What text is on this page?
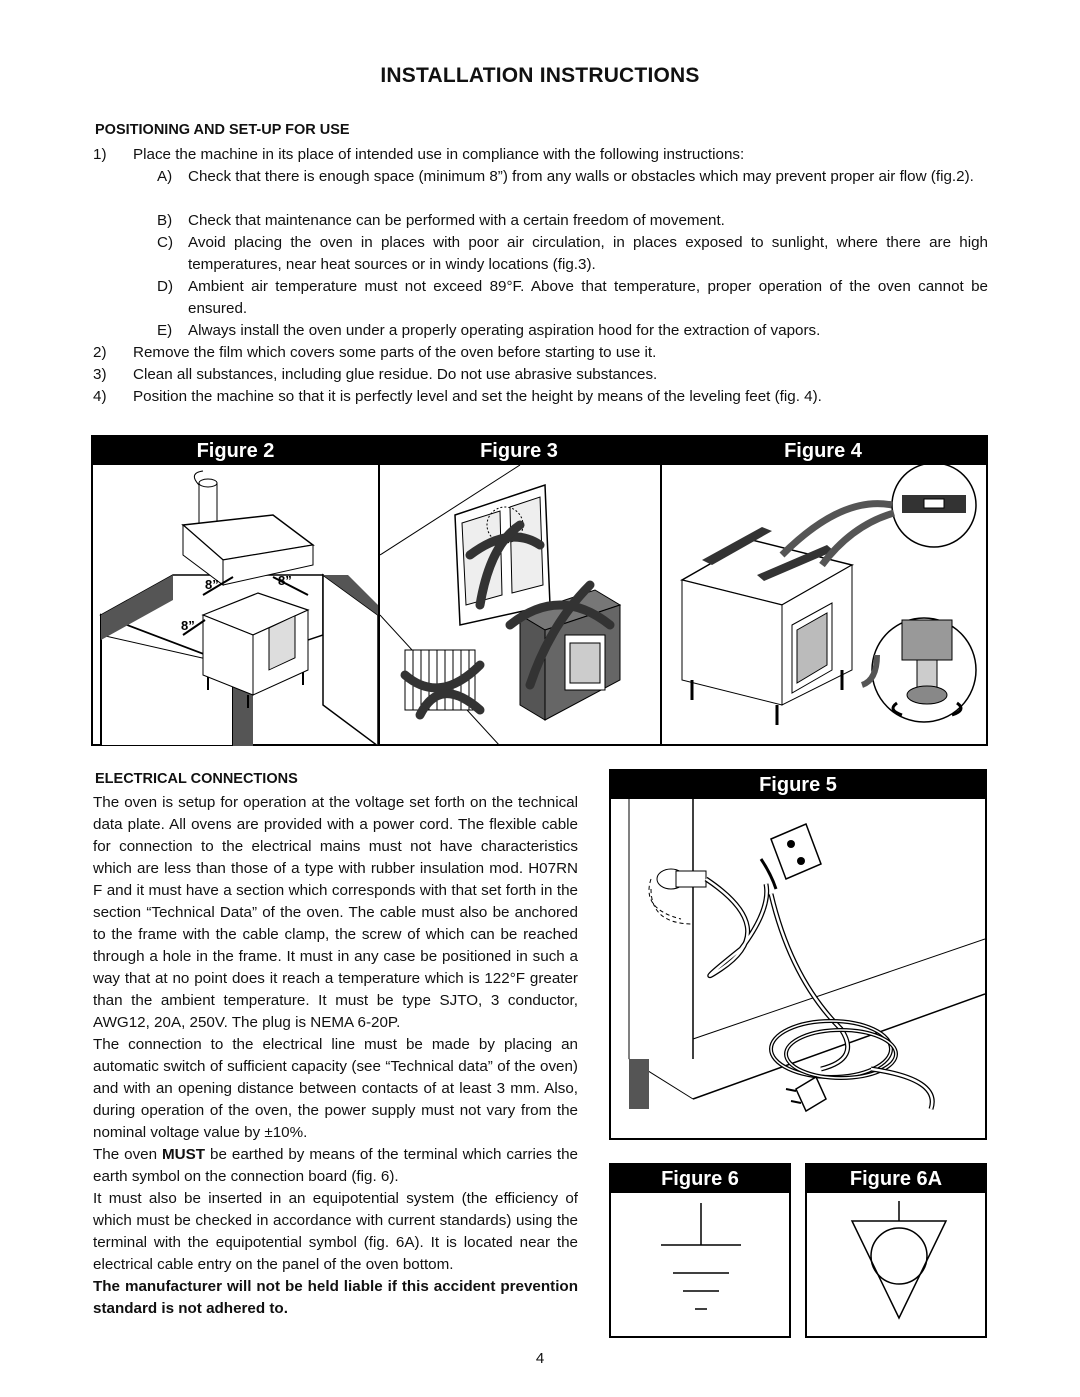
INSTALLATION INSTRUCTIONS
POSITIONING AND SET-UP FOR USE
1)	Place the machine in its place of intended use in compliance with the following instructions:
A)	Check that there is enough space (minimum 8”) from any walls or obstacles which may prevent proper air flow (fig.2).
B)	Check that maintenance can be performed with a certain freedom of movement.
C) Avoid placing the oven in places with poor air circulation, in places exposed to sunlight, where there are high temperatures, near heat sources or in windy locations (fig.3).
D) Ambient air temperature must not exceed 89°F. Above that temperature, proper operation of the oven cannot be ensured.
E)	Always install the oven under a properly operating aspiration hood for the extraction of vapors.
2)	Remove the film which covers some parts of the oven before starting to use it.
3)	Clean all substances, including glue residue. Do not use abrasive substances.
4)	Position the machine so that it is perfectly level and set the height by means of the leveling feet (fig. 4).
Figure 2	Figure 3	Figure 4
8”	8”
8”
ELECTRICAL CONNECTIONS
The oven is setup for operation at the voltage set forth on the technical data plate. All ovens are provided with a power cord. The flexible cable for connection to the electrical mains must not have characteristics which are less than those of a type with rubber insulation mod. H07RN F and it must have a section which corresponds with that set forth in the section “Technical Data” of the oven. The cable must also be anchored to the frame with the cable clamp, the screw of which can be reached through a hole in the frame. It must in any case be positioned in such a way that at no point does it reach a temperature which is 122°F greater than the ambient temperature. It must be type SJTO, 3 conductor, AWG12, 20A, 250V. The plug is NEMA 6-20P.
The connection to the electrical line must be made by placing an automatic switch of sufficient capacity (see “Technical data” of the oven) and with an opening distance between contacts of at least 3 mm. Also, during operation of the oven, the power supply must not vary from the nominal voltage value by ±10%.
The oven MUST be earthed by means of the terminal which carries the earth symbol on the connection board (fig. 6).
It must also be inserted in an equipotential system (the efficiency of which must be checked in accordance with current standards) using the terminal with the equipotential symbol (fig. 6A). It is located near the electrical cable entry on the panel of the oven bottom.
The manufacturer will not be held liable if this accident prevention standard is not adhered to.
Figure 5
Figure 6	Figure 6A
4
